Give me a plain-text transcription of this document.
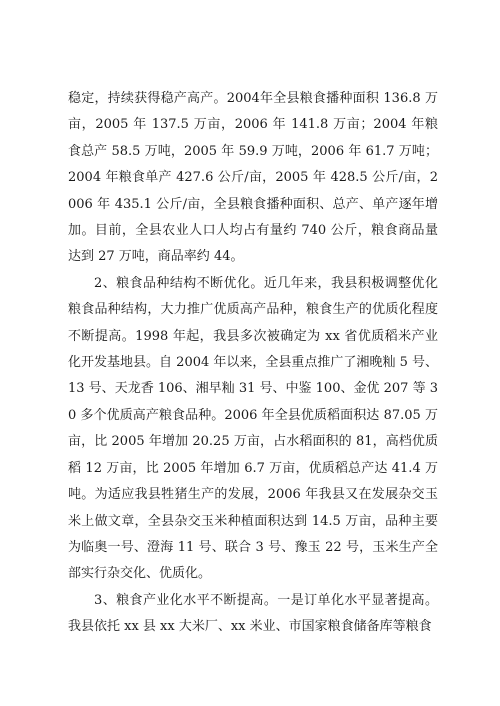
稳定，持续获得稳产高产。2004年全县粮食播种面积 136.8 万亩，2005 年 137.5 万亩，2006 年 141.8 万亩；2004 年粮食总产 58.5 万吨，2005 年 59.9 万吨，2006 年 61.7 万吨；2004 年粮食单产 427.6 公斤/亩，2005 年 428.5 公斤/亩，2006 年 435.1 公斤/亩，全县粮食播种面积、总产、单产逐年增加。目前，全县农业人口人均占有量约 740 公斤，粮食商品量达到 27 万吨，商品率约 44。

2、粮食品种结构不断优化。近几年来，我县积极调整优化粮食品种结构，大力推广优质高产品种，粮食生产的优质化程度不断提高。1998 年起，我县多次被确定为 xx 省优质稻米产业化开发基地县。自 2004 年以来，全县重点推广了湘晚籼 5 号、13 号、天龙香 106、湘早籼 31 号、中鉴 100、金优 207 等 30 多个优质高产粮食品种。2006 年全县优质稻面积达 87.05 万亩，比 2005 年增加 20.25 万亩，占水稻面积的 81，高档优质稻 12 万亩，比 2005 年增加 6.7 万亩，优质稻总产达 41.4 万吨。为适应我县牲猪生产的发展，2006 年我县又在发展杂交玉米上做文章，全县杂交玉米种植面积达到 14.5 万亩，品种主要为临奥一号、澄海 11 号、联合 3 号、豫玉 22 号，玉米生产全部实行杂交化、优质化。

3、粮食产业化水平不断提高。一是订单化水平显著提高。我县依托 xx 县 xx 大米厂、xx 米业、市国家粮食储备库等粮食
